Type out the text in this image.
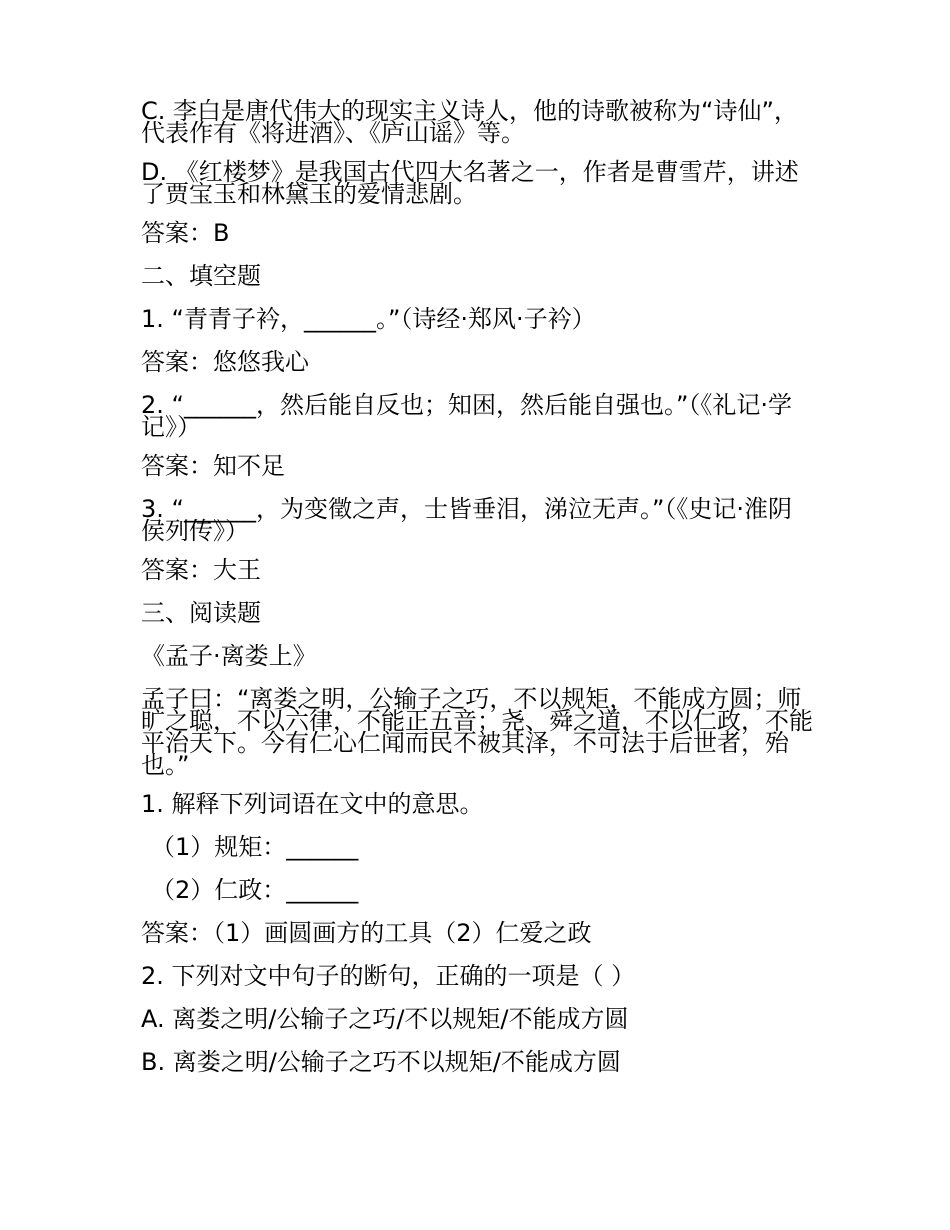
C. 李白是唐代伟大的现实主义诗人，他的诗歌被称为“诗仙”，代表作有《将进酒》、《庐山谣》等。

D. 《红楼梦》是我国古代四大名著之一，作者是曹雪芹，讲述了贾宝玉和林黛玉的爱情悲剧。

答案：B

二、填空题

1. “青青子衿，______。”（诗经·郑风·子衿）

答案：悠悠我心

2. “______，然后能自反也；知困，然后能自强也。”（《礼记·学记》）

答案：知不足

3. “______，为变徵之声，士皆垂泪，涕泣无声。”（《史记·淮阴侯列传》）

答案：大王

三、阅读题

《孟子·离娄上》

孟子曰：“离娄之明，公输子之巧，不以规矩，不能成方圆；师旷之聪，不以六律，不能正五音；尧、舜之道，不以仁政，不能平治天下。今有仁心仁闻而民不被其泽，不可法于后世者，殆也。”

1. 解释下列词语在文中的意思。

（1）规矩：______

（2）仁政：______

答案：（1）画圆画方的工具（2）仁爱之政

2. 下列对文中句子的断句，正确的一项是（ ）

A. 离娄之明/公输子之巧/不以规矩/不能成方圆

B. 离娄之明/公输子之巧不以规矩/不能成方圆
